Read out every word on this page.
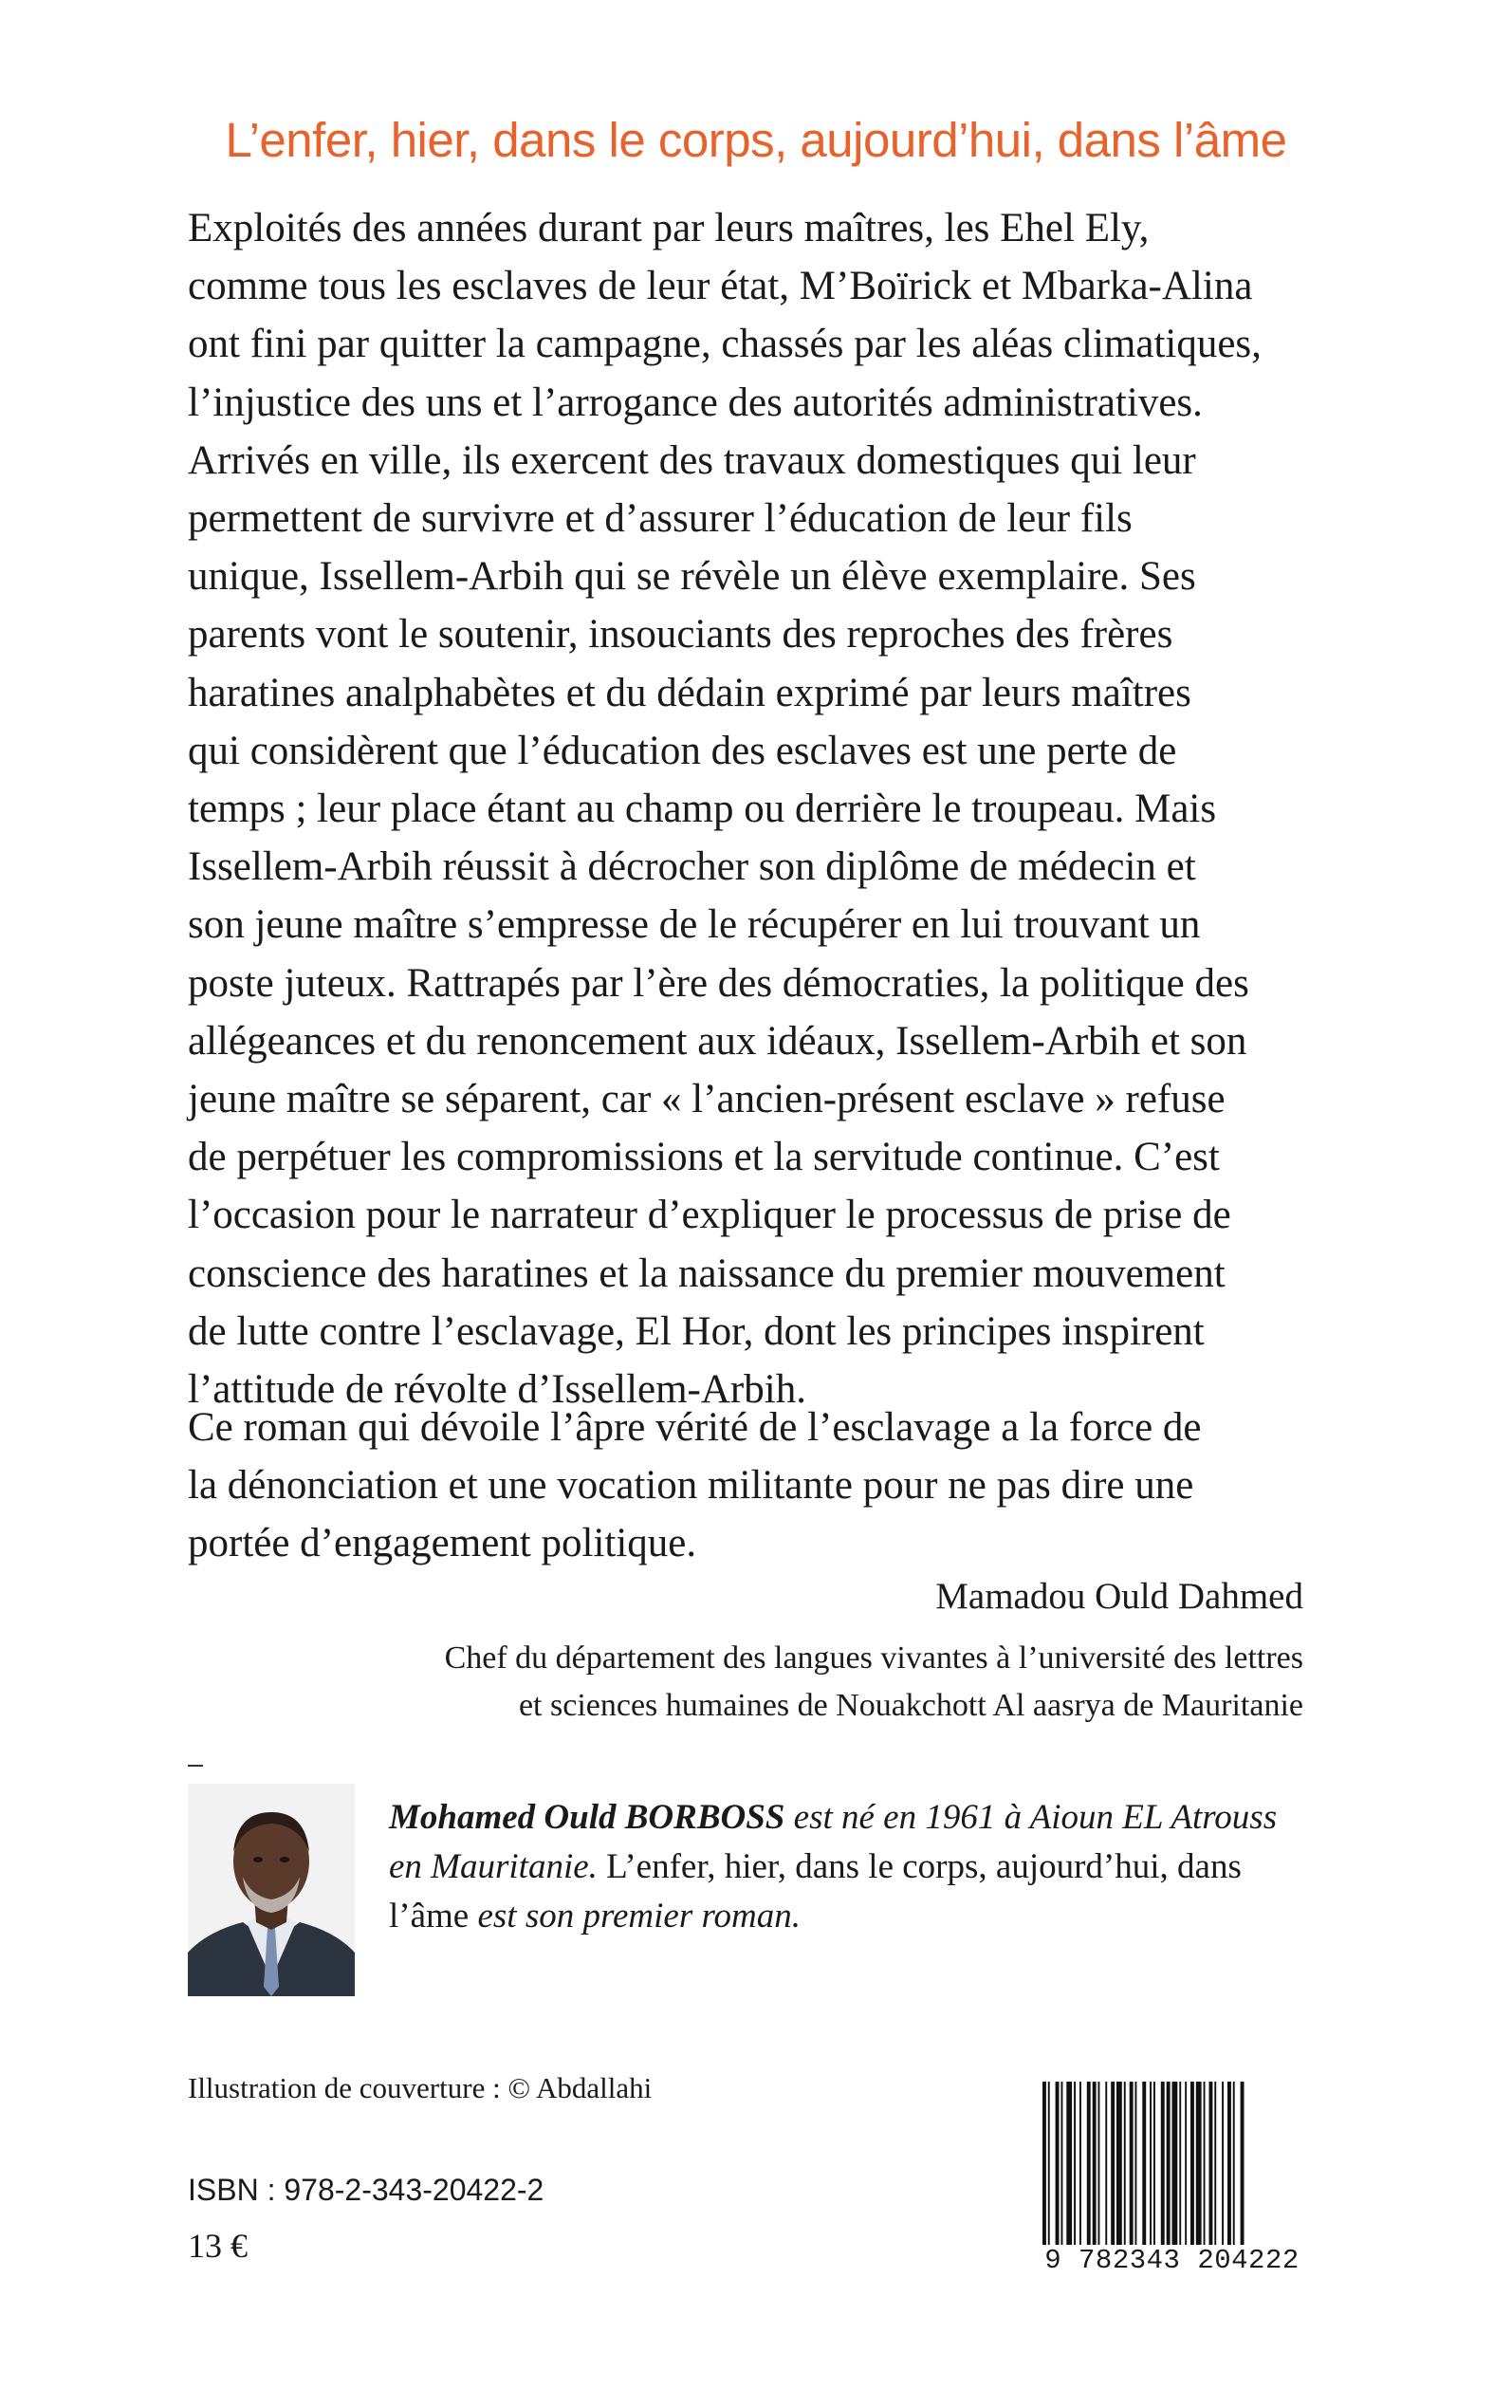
L’enfer, hier, dans le corps, aujourd’hui, dans l’âme
Exploités des années durant par leurs maîtres, les Ehel Ely,
comme tous les esclaves de leur état, M’Boïrick et Mbarka-Alina
ont fini par quitter la campagne, chassés par les aléas climatiques,
l’injustice des uns et l’arrogance des autorités administratives.
Arrivés en ville, ils exercent des travaux domestiques qui leur
permettent de survivre et d’assurer l’éducation de leur fils
unique, Issellem-Arbih qui se révèle un élève exemplaire. Ses
parents vont le soutenir, insouciants des reproches des frères
haratines analphabètes et du dédain exprimé par leurs maîtres
qui considèrent que l’éducation des esclaves est une perte de
temps ; leur place étant au champ ou derrière le troupeau. Mais
Issellem-Arbih réussit à décrocher son diplôme de médecin et
son jeune maître s’empresse de le récupérer en lui trouvant un
poste juteux. Rattrapés par l’ère des démocraties, la politique des
allégeances et du renoncement aux idéaux, Issellem-Arbih et son
jeune maître se séparent, car « l’ancien-présent esclave » refuse
de perpétuer les compromissions et la servitude continue. C’est
l’occasion pour le narrateur d’expliquer le processus de prise de
conscience des haratines et la naissance du premier mouvement
de lutte contre l’esclavage, El Hor, dont les principes inspirent
l’attitude de révolte d’Issellem-Arbih.
Ce roman qui dévoile l’âpre vérité de l’esclavage a la force de
la dénonciation et une vocation militante pour ne pas dire une
portée d’engagement politique.
Mamadou Ould Dahmed
Chef du département des langues vivantes à l’université des lettres
et sciences humaines de Nouakchott Al aasrya de Mauritanie
Mohamed Ould BORBOSS est né en 1961 à Aioun EL Atrouss
en Mauritanie. L’enfer, hier, dans le corps, aujourd’hui, dans
l’âme est son premier roman.
Illustration de couverture : © Abdallahi
ISBN : 978-2-343-20422-2
13 €	9 782343 204222
